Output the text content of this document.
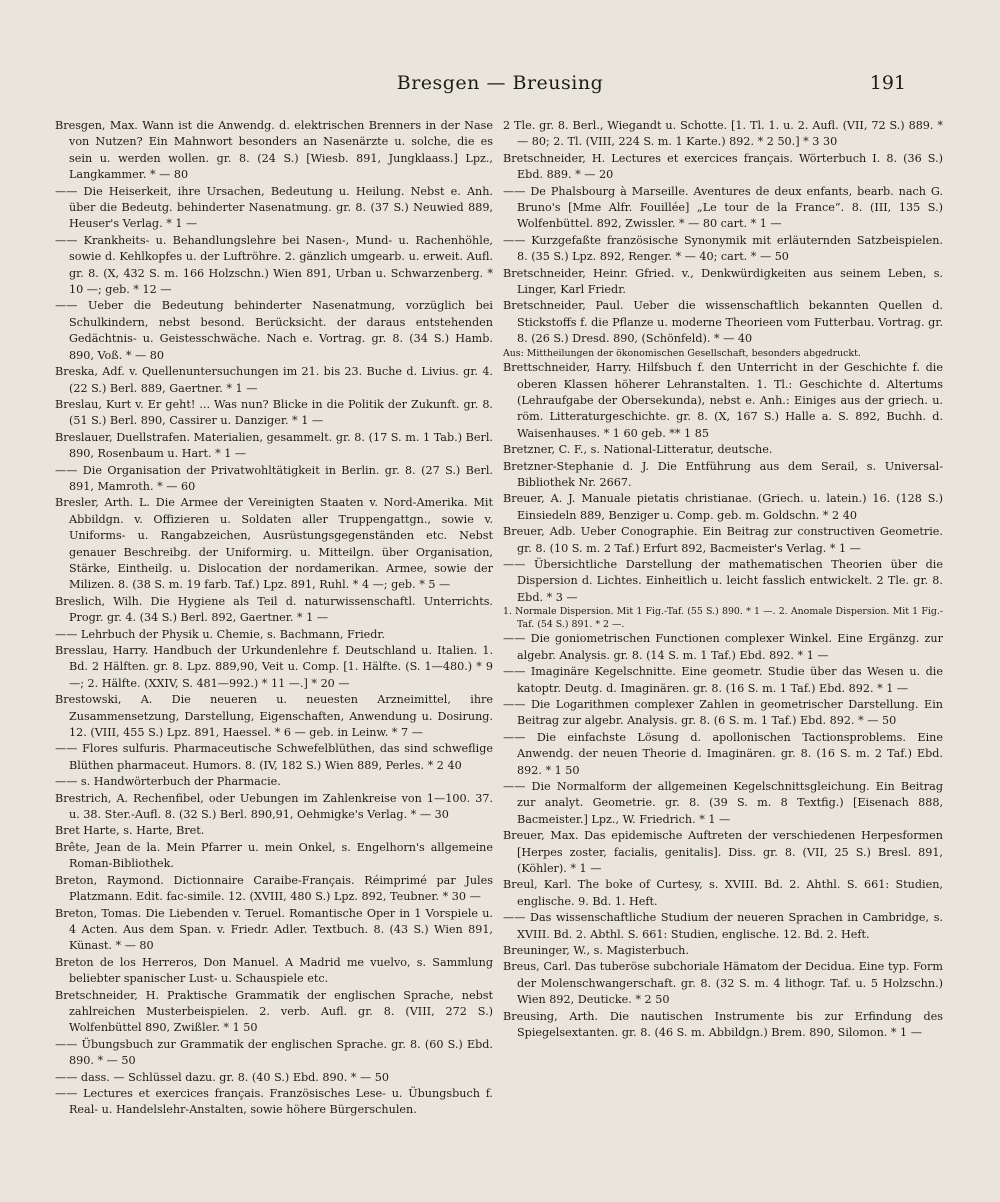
Bresgen — Breusing	191

Bresgen, Max. Wann ist die Anwendg. d. elektrischen Brenners in der Nase von Nutzen? Ein Mahnwort besonders an Nasenärzte u. solche, die es sein u. werden wollen. gr. 8. (24 S.) [Wiesb. 891, Jungklaass.] Lpz., Langkammer. * — 80

—— Die Heiserkeit, ihre Ursachen, Bedeutung u. Heilung. Nebst e. Anh. über die Bedeutg. behinderter Nasenatmung. gr. 8. (37 S.) Neuwied 889, Heuser's Verlag. * 1 —

—— Krankheits- u. Behandlungslehre bei Nasen-, Mund- u. Rachenhöhle, sowie d. Kehlkopfes u. der Luftröhre. 2. gänzlich umgearb. u. erweit. Aufl. gr. 8. (X, 432 S. m. 166 Holzschn.) Wien 891, Urban u. Schwarzenberg. * 10 —; geb. * 12 —

—— Ueber die Bedeutung behinderter Nasenatmung, vorzüglich bei Schulkindern, nebst besond. Berücksicht. der daraus entstehenden Gedächtnis- u. Geistesschwäche. Nach e. Vortrag. gr. 8. (34 S.) Hamb. 890, Voß. * — 80

Breska, Adf. v. Quellenuntersuchungen im 21. bis 23. Buche d. Livius. gr. 4. (22 S.) Berl. 889, Gaertner. * 1 —

Breslau, Kurt v. Er geht! ... Was nun? Blicke in die Politik der Zukunft. gr. 8. (51 S.) Berl. 890, Cassirer u. Danziger. * 1 —

Breslauer, Duellstrafen. Materialien, gesammelt. gr. 8. (17 S. m. 1 Tab.) Berl. 890, Rosenbaum u. Hart. * 1 —

—— Die Organisation der Privatwohltätigkeit in Berlin. gr. 8. (27 S.) Berl. 891, Mamroth. * — 60

Bresler, Arth. L. Die Armee der Vereinigten Staaten v. Nord-Amerika. Mit Abbildgn. v. Offizieren u. Soldaten aller Truppengattgn., sowie v. Uniforms- u. Rangabzeichen, Ausrüstungsgegenständen etc. Nebst genauer Beschreibg. der Uniformirg. u. Mitteilgn. über Organisation, Stärke, Eintheilg. u. Dislocation der nordamerikan. Armee, sowie der Milizen. 8. (38 S. m. 19 farb. Taf.) Lpz. 891, Ruhl. * 4 —; geb. * 5 —

Breslich, Wilh. Die Hygiene als Teil d. naturwissenschaftl. Unterrichts. Progr. gr. 4. (34 S.) Berl. 892, Gaertner. * 1 —

—— Lehrbuch der Physik u. Chemie, s. Bachmann, Friedr.

Bresslau, Harry. Handbuch der Urkundenlehre f. Deutschland u. Italien. 1. Bd. 2 Hälften. gr. 8. Lpz. 889,90, Veit u. Comp. [1. Hälfte. (S. 1—480.) * 9 —; 2. Hälfte. (XXIV, S. 481—992.) * 11 —.] * 20 —

Brestowski, A. Die neueren u. neuesten Arzneimittel, ihre Zusammensetzung, Darstellung, Eigenschaften, Anwendung u. Dosirung. 12. (VIII, 455 S.) Lpz. 891, Haessel. * 6 — geb. in Leinw. * 7 —

—— Flores sulfuris. Pharmaceutische Schwefelblüthen, das sind schweflige Blüthen pharmaceut. Humors. 8. (IV, 182 S.) Wien 889, Perles. * 2 40

—— s. Handwörterbuch der Pharmacie.

Brestrich, A. Rechenfibel, oder Uebungen im Zahlenkreise von 1—100. 37. u. 38. Ster.-Aufl. 8. (32 S.) Berl. 890,91, Oehmigke's Verlag. * — 30

Bret Harte, s. Harte, Bret.

Brête, Jean de la. Mein Pfarrer u. mein Onkel, s. Engelhorn's allgemeine Roman-Bibliothek.

Breton, Raymond. Dictionnaire Caraibe-Français. Réimprimé par Jules Platzmann. Edit. fac-simile. 12. (XVIII, 480 S.) Lpz. 892, Teubner. * 30 —

Breton, Tomas. Die Liebenden v. Teruel. Romantische Oper in 1 Vorspiele u. 4 Acten. Aus dem Span. v. Friedr. Adler. Textbuch. 8. (43 S.) Wien 891, Künast. * — 80

Breton de los Herreros, Don Manuel. A Madrid me vuelvo, s. Sammlung beliebter spanischer Lust- u. Schauspiele etc.

Bretschneider, H. Praktische Grammatik der englischen Sprache, nebst zahlreichen Musterbeispielen. 2. verb. Aufl. gr. 8. (VIII, 272 S.) Wolfenbüttel 890, Zwißler. * 1 50

—— Übungsbuch zur Grammatik der englischen Sprache. gr. 8. (60 S.) Ebd. 890. * — 50

—— dass. — Schlüssel dazu. gr. 8. (40 S.) Ebd. 890. * — 50

—— Lectures et exercices français. Französisches Lese- u. Übungsbuch f. Real- u. Handelslehr-Anstalten, sowie höhere Bürgerschulen.

2 Tle. gr. 8. Berl., Wiegandt u. Schotte. [1. Tl. 1. u. 2. Aufl. (VII, 72 S.) 889. * — 80; 2. Tl. (VIII, 224 S. m. 1 Karte.) 892. * 2 50.] * 3 30

Bretschneider, H. Lectures et exercices français. Wörterbuch I. 8. (36 S.) Ebd. 889. * — 20

—— De Phalsbourg à Marseille. Aventures de deux enfants, bearb. nach G. Bruno's [Mme Alfr. Fouillée] „Le tour de la France“. 8. (III, 135 S.) Wolfenbüttel. 892, Zwissler. * — 80 cart. * 1 —

—— Kurzgefaßte französische Synonymik mit erläuternden Satzbeispielen. 8. (35 S.) Lpz. 892, Renger. * — 40; cart. * — 50

Bretschneider, Heinr. Gfried. v., Denkwürdigkeiten aus seinem Leben, s. Linger, Karl Friedr.

Bretschneider, Paul. Ueber die wissenschaftlich bekannten Quellen d. Stickstoffs f. die Pflanze u. moderne Theorieen vom Futterbau. Vortrag. gr. 8. (26 S.) Dresd. 890, (Schönfeld). * — 40

Aus: Mittheilungen der ökonomischen Gesellschaft, besonders abgedruckt.

Brettschneider, Harry. Hilfsbuch f. den Unterricht in der Geschichte f. die oberen Klassen höherer Lehranstalten. 1. Tl.: Geschichte d. Altertums (Lehraufgabe der Obersekunda), nebst e. Anh.: Einiges aus der griech. u. röm. Litteraturgeschichte. gr. 8. (X, 167 S.) Halle a. S. 892, Buchh. d. Waisenhauses. * 1 60 geb. ** 1 85

Bretzner, C. F., s. National-Litteratur, deutsche.

Bretzner-Stephanie d. J. Die Entführung aus dem Serail, s. Universal-Bibliothek Nr. 2667.

Breuer, A. J. Manuale pietatis christianae. (Griech. u. latein.) 16. (128 S.) Einsiedeln 889, Benziger u. Comp. geb. m. Goldschn. * 2 40

Breuer, Adb. Ueber Conographie. Ein Beitrag zur constructiven Geometrie. gr. 8. (10 S. m. 2 Taf.) Erfurt 892, Bacmeister's Verlag. * 1 —

—— Übersichtliche Darstellung der mathematischen Theorien über die Dispersion d. Lichtes. Einheitlich u. leicht fasslich entwickelt. 2 Tle. gr. 8. Ebd. * 3 —

1. Normale Dispersion. Mit 1 Fig.-Taf. (55 S.) 890. * 1 —. 2. Anomale Dispersion. Mit 1 Fig.-Taf. (54 S.) 891. * 2 —.

—— Die goniometrischen Functionen complexer Winkel. Eine Ergänzg. zur algebr. Analysis. gr. 8. (14 S. m. 1 Taf.) Ebd. 892. * 1 —

—— Imaginäre Kegelschnitte. Eine geometr. Studie über das Wesen u. die katoptr. Deutg. d. Imaginären. gr. 8. (16 S. m. 1 Taf.) Ebd. 892. * 1 —

—— Die Logarithmen complexer Zahlen in geometrischer Darstellung. Ein Beitrag zur algebr. Analysis. gr. 8. (6 S. m. 1 Taf.) Ebd. 892. * — 50

—— Die einfachste Lösung d. apollonischen Tactionsproblems. Eine Anwendg. der neuen Theorie d. Imaginären. gr. 8. (16 S. m. 2 Taf.) Ebd. 892. * 1 50

—— Die Normalform der allgemeinen Kegelschnittsgleichung. Ein Beitrag zur analyt. Geometrie. gr. 8. (39 S. m. 8 Textfig.) [Eisenach 888, Bacmeister.] Lpz., W. Friedrich. * 1 —

Breuer, Max. Das epidemische Auftreten der verschiedenen Herpesformen [Herpes zoster, facialis, genitalis]. Diss. gr. 8. (VII, 25 S.) Bresl. 891, (Köhler). * 1 —

Breul, Karl. The boke of Curtesy, s. XVIII. Bd. 2. Ahthl. S. 661: Studien, englische. 9. Bd. 1. Heft.

—— Das wissenschaftliche Studium der neueren Sprachen in Cambridge, s. XVIII. Bd. 2. Abthl. S. 661: Studien, englische. 12. Bd. 2. Heft.

Breuninger, W., s. Magisterbuch.

Breus, Carl. Das tuberöse subchoriale Hämatom der Decidua. Eine typ. Form der Molenschwangerschaft. gr. 8. (32 S. m. 4 lithogr. Taf. u. 5 Holzschn.) Wien 892, Deuticke. * 2 50

Breusing, Arth. Die nautischen Instrumente bis zur Erfindung des Spiegelsextanten. gr. 8. (46 S. m. Abbildgn.) Brem. 890, Silomon. * 1 —
